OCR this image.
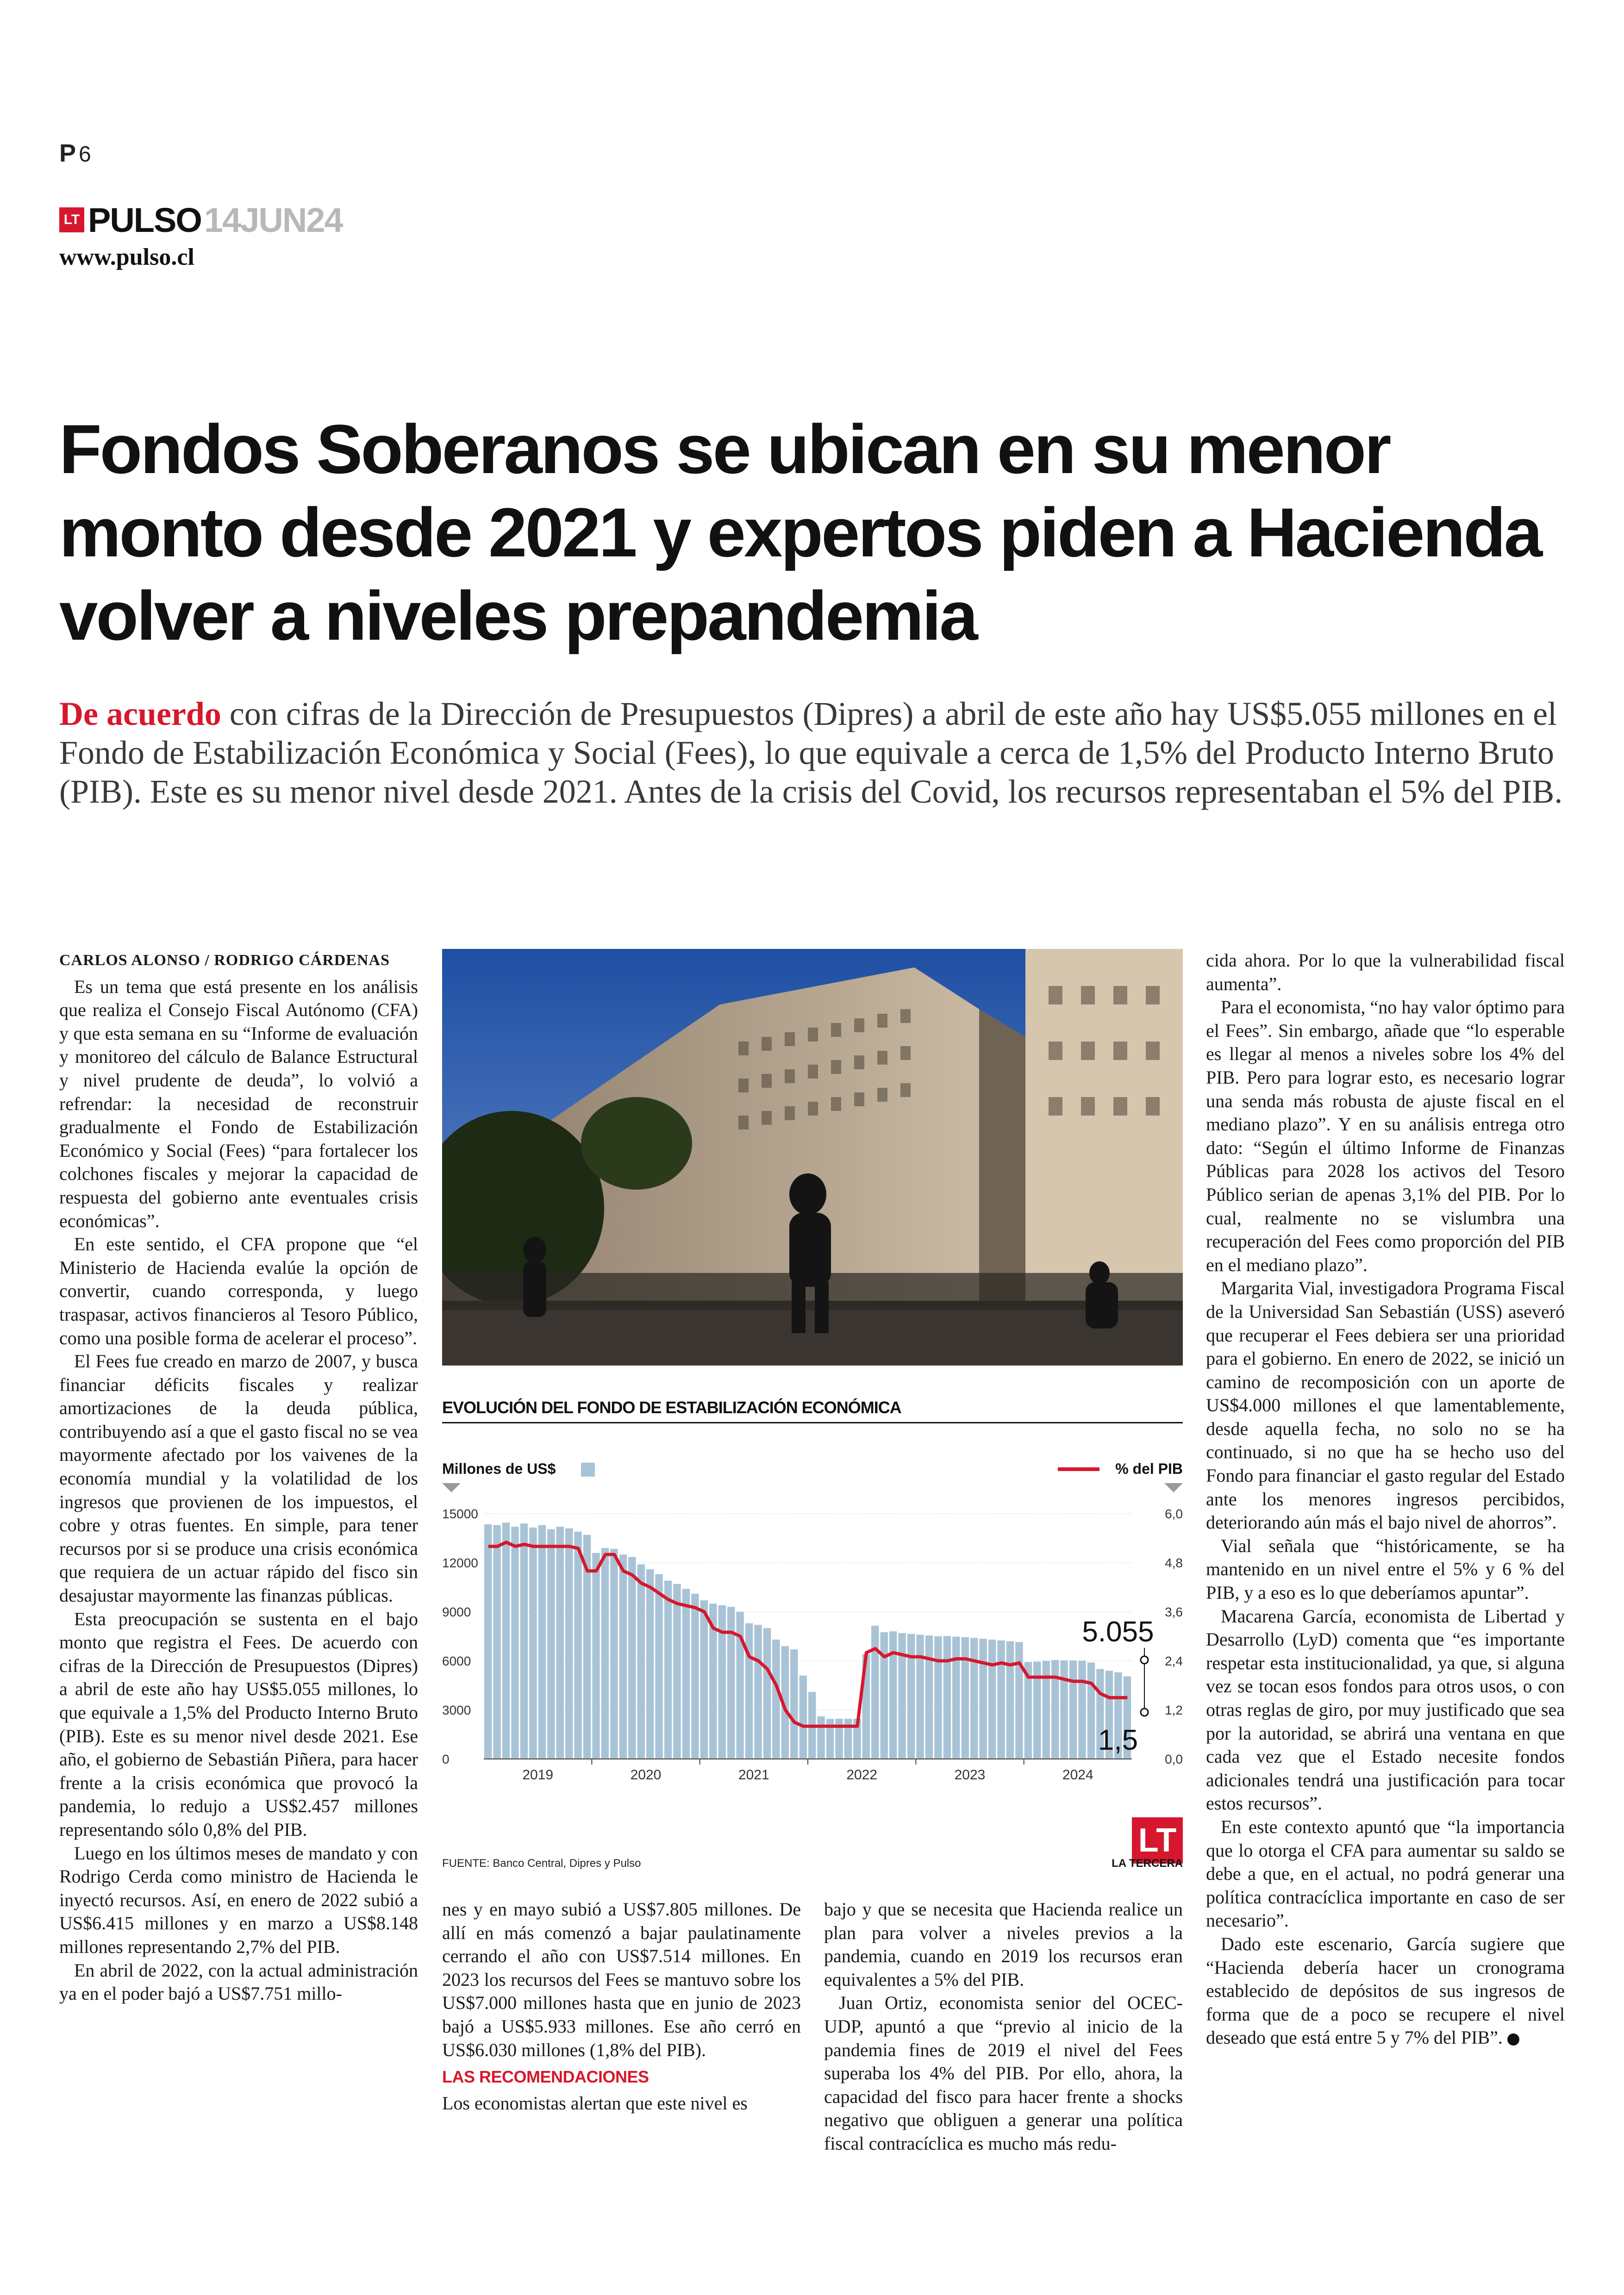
P 6
LT PULSO 14JUN24
www.pulso.cl
Fondos Soberanos se ubican en su menor monto desde 2021 y expertos piden a Hacienda volver a niveles prepandemia

De acuerdo con cifras de la Dirección de Presupuestos (Dipres) a abril de este año hay US$5.055 millones en el Fondo de Estabilización Económica y Social (Fees), lo que equivale a cerca de 1,5% del Producto Interno Bruto (PIB). Este es su menor nivel desde 2021. Antes de la crisis del Covid, los recursos representaban el 5% del PIB.

CARLOS ALONSO / RODRIGO CÁRDENAS

Es un tema que está presente en los análisis que realiza el Consejo Fiscal Autónomo (CFA) y que esta semana en su “Informe de evaluación y monitoreo del cálculo de Balance Estructural y nivel prudente de deuda”, lo volvió a refrendar: la necesidad de reconstruir gradualmente el Fondo de Estabilización Económico y Social (Fees) “para fortalecer los colchones fiscales y mejorar la capacidad de respuesta del gobierno ante eventuales crisis económicas”.

En este sentido, el CFA propone que “el Ministerio de Hacienda evalúe la opción de convertir, cuando corresponda, y luego traspasar, activos financieros al Tesoro Público, como una posible forma de acelerar el proceso”.

El Fees fue creado en marzo de 2007, y busca financiar déficits fiscales y realizar amortizaciones de la deuda pública, contribuyendo así a que el gasto fiscal no se vea mayormente afectado por los vaivenes de la economía mundial y la volatilidad de los ingresos que provienen de los impuestos, el cobre y otras fuentes. En simple, para tener recursos por si se produce una crisis económica que requiera de un actuar rápido del fisco sin desajustar mayormente las finanzas públicas.

Esta preocupación se sustenta en el bajo monto que registra el Fees. De acuerdo con cifras de la Dirección de Presupuestos (Dipres) a abril de este año hay US$5.055 millones, lo que equivale a 1,5% del Producto Interno Bruto (PIB). Este es su menor nivel desde 2021. Ese año, el gobierno de Sebastián Piñera, para hacer frente a la crisis económica que provocó la pandemia, lo redujo a US$2.457 millones representando sólo 0,8% del PIB.

Luego en los últimos meses de mandato y con Rodrigo Cerda como ministro de Hacienda le inyectó recursos. Así, en enero de 2022 subió a US$6.415 millones y en marzo a US$8.148 millones representando 2,7% del PIB.

En abril de 2022, con la actual administración ya en el poder bajó a US$7.751 millo-

EVOLUCIÓN DEL FONDO DE ESTABILIZACIÓN ECONÓMICA
Millones de US$	% del PIB
15000
12000
9000
6000
3000
0
6,0
4,8
3,6
2,4
1,2
0,0
2019	2020	2021	2022	2023	2024
5.055
1,5
LT
FUENTE: Banco Central, Dipres y Pulso	LA TERCERA

nes y en mayo subió a US$7.805 millones. De allí en más comenzó a bajar paulatinamente cerrando el año con US$7.514 millones. En 2023 los recursos del Fees se mantuvo sobre los US$7.000 millones hasta que en junio de 2023 bajó a US$5.933 millones. Ese año cerró en US$6.030 millones (1,8% del PIB).

LAS RECOMENDACIONES

Los economistas alertan que este nivel es

bajo y que se necesita que Hacienda realice un plan para volver a niveles previos a la pandemia, cuando en 2019 los recursos eran equivalentes a 5% del PIB.

Juan Ortiz, economista senior del OCEC-UDP, apuntó a que “previo al inicio de la pandemia fines de 2019 el nivel del Fees superaba los 4% del PIB. Por ello, ahora, la capacidad del fisco para hacer frente a shocks negativo que obliguen a generar una política fiscal contracíclica es mucho más redu-

cida ahora. Por lo que la vulnerabilidad fiscal aumenta”.

Para el economista, “no hay valor óptimo para el Fees”. Sin embargo, añade que “lo esperable es llegar al menos a niveles sobre los 4% del PIB. Pero para lograr esto, es necesario lograr una senda más robusta de ajuste fiscal en el mediano plazo”. Y en su análisis entrega otro dato: “Según el último Informe de Finanzas Públicas para 2028 los activos del Tesoro Público serian de apenas 3,1% del PIB. Por lo cual, realmente no se vislumbra una recuperación del Fees como proporción del PIB en el mediano plazo”.

Margarita Vial, investigadora Programa Fiscal de la Universidad San Sebastián (USS) aseveró que recuperar el Fees debiera ser una prioridad para el gobierno. En enero de 2022, se inició un camino de recomposición con un aporte de US$4.000 millones el que lamentablemente, desde aquella fecha, no solo no se ha continuado, si no que ha se hecho uso del Fondo para financiar el gasto regular del Estado ante los menores ingresos percibidos, deteriorando aún más el bajo nivel de ahorros”.

Vial señala que “históricamente, se ha mantenido en un nivel entre el 5% y 6 % del PIB, y a eso es lo que deberíamos apuntar”.

Macarena García, economista de Libertad y Desarrollo (LyD) comenta que “es importante respetar esta institucionalidad, ya que, si alguna vez se tocan esos fondos para otros usos, o con otras reglas de giro, por muy justificado que sea por la autoridad, se abrirá una ventana en que cada vez que el Estado necesite fondos adicionales tendrá una justificación para tocar estos recursos”.

En este contexto apuntó que “la importancia que lo otorga el CFA para aumentar su saldo se debe a que, en el actual, no podrá generar una política contracíclica importante en caso de ser necesario”.

Dado este escenario, García sugiere que “Hacienda debería hacer un cronograma establecido de depósitos de sus ingresos de forma que de a poco se recupere el nivel deseado que está entre 5 y 7% del PIB”. P
